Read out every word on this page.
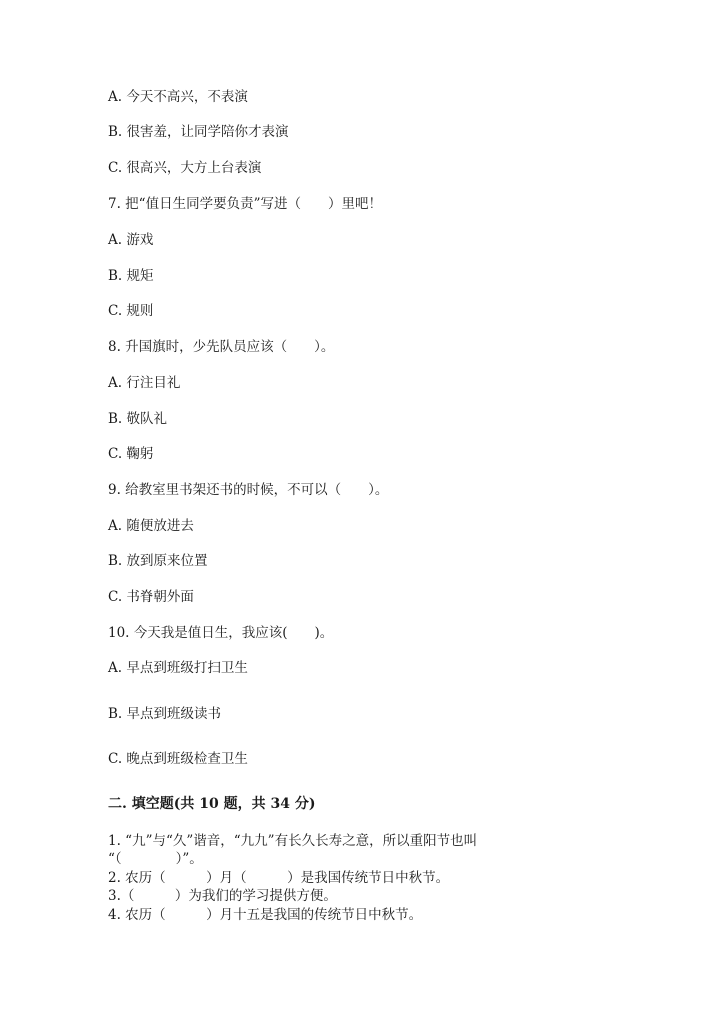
A. 今天不高兴，不表演
B. 很害羞，让同学陪你才表演
C. 很高兴，大方上台表演
7. 把“值日生同学要负责”写进（　　）里吧！
A. 游戏
B. 规矩
C. 规则
8. 升国旗时，少先队员应该（　　）。
A. 行注目礼
B. 敬队礼
C. 鞠躬
9. 给教室里书架还书的时候，不可以（　　）。
A. 随便放进去
B. 放到原来位置
C. 书脊朝外面
10. 今天我是值日生，我应该(　　)。
A. 早点到班级打扫卫生
B. 早点到班级读书
C. 晚点到班级检查卫生
二. 填空题(共 10 题，共 34 分)
1. “九”与“久”谐音，“九九”有长久长寿之意，所以重阳节也叫
“（　　　　）”。
2. 农历（　　　）月（　　　）是我国传统节日中秋节。
3.（　　　）为我们的学习提供方便。
4. 农历（　　　）月十五是我国的传统节日中秋节。
